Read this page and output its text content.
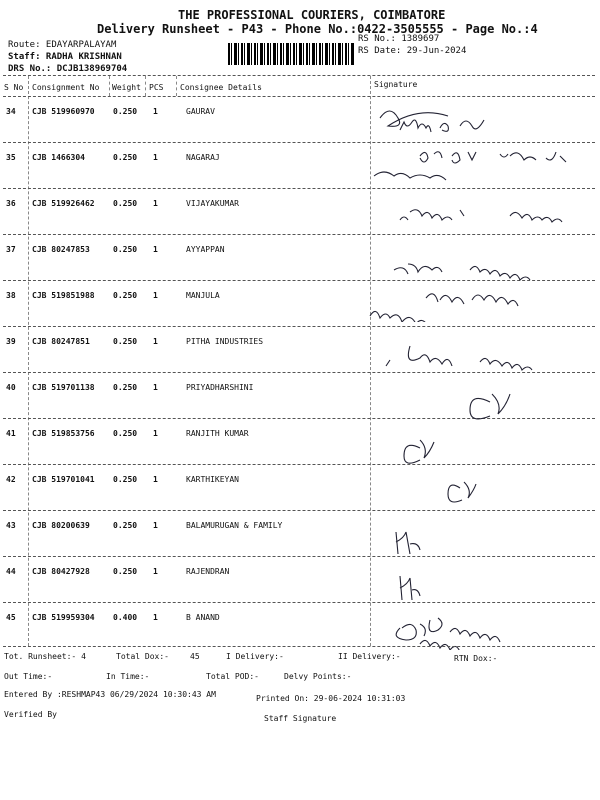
THE PROFESSIONAL COURIERS, COIMBATORE
Delivery Runsheet - P43 - Phone No.:0422-3505555 - Page No.:4
Route: EDAYARPALAYAM
Staff: RADHA KRISHNAN
DRS No.: DCJB138969704
RS No.: 1389697
RS Date: 29-Jun-2024
S No Consignment No Weight PCS Consignee Details	Signature
34 CJB 519960970 0.250 1	GAURAV
35 CJB 1466304	0.250 1	NAGARAJ
36 CJB 519926462 0.250 1	VIJAYAKUMAR
37 CJB 80247853	0.250 1	AYYAPPAN
38 CJB 519851988 0.250 1	MANJULA
39 CJB 80247851	0.250 1	PITHA INDUSTRIES
40 CJB 519701138 0.250 1	PRIYADHARSHINI
41 CJB 519853756 0.250 1	RANJITH KUMAR
42 CJB 519701041 0.250 1	KARTHIKEYAN
43 CJB 80200639	0.250 1	BALAMURUGAN & FAMILY
44 CJB 80427928	0.250 1	RAJENDRAN
45 CJB 519959304 0.400 1	B ANAND
Tot. Runsheet:- 4	Total Dox:-	45	I Delivery:-	II Delivery:-	RTN Dox:-
Out Time:-	In Time:-	Total POD:-	Delvy Points:-
Entered By :RESHMAP43 06/29/2024 10:30:43 AM	Printed On: 29-06-2024 10:31:03
Verified By	Staff Signature
